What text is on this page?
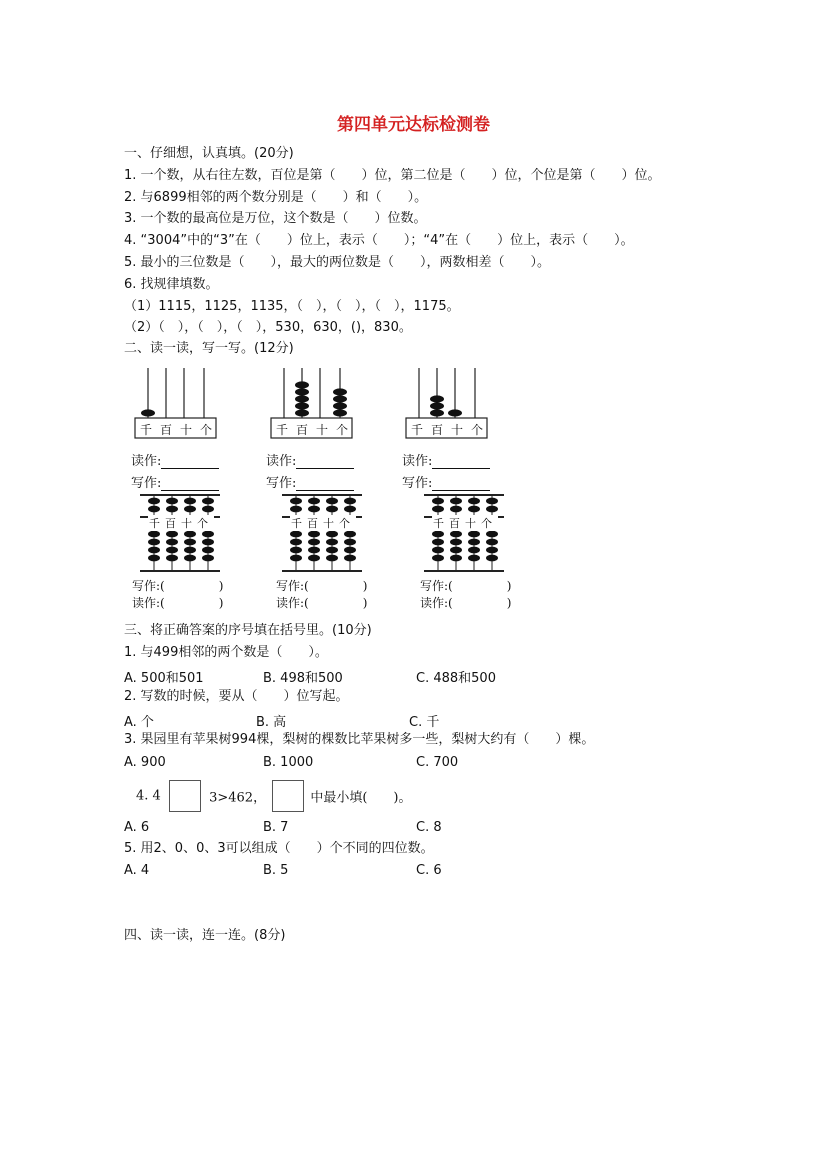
第四单元达标检测卷
一、仔细想，认真填。(20分)
1. 一个数，从右往左数，百位是第（　　）位，第二位是（　　）位，个位是第（　　）位。
2. 与6899相邻的两个数分别是（　　）和（　　）。
3. 一个数的最高位是万位，这个数是（　　）位数。
4. “3004”中的“3”在（　　）位上，表示（　　）；“4”在（　　）位上，表示（　　）。
5. 最小的三位数是（　　），最大的两位数是（　　），两数相差（　　）。
6. 找规律填数。
（1）1115，1125，1135，（　），（　），（　），1175。
（2）（　），（　），（　），530，630，()，830。
二、读一读，写一写。(12分)
千百十个	千百十个	千百十个
读作:
写作:
读作:
写作:
读作:
写作:
千百十个	千百十个	千百十个
写作:(	)
读作:(	)
写作:(	)
读作:(	)
写作:(	)
读作:(	)
三、将正确答案的序号填在括号里。(10分)
1. 与499相邻的两个数是（　　）。
A. 500和501	B. 498和500	C. 488和500
2. 写数的时候，要从（　　）位写起。
A. 个	B. 高	C. 千
3. 果园里有苹果树994棵，梨树的棵数比苹果树多一些，梨树大约有（　　）棵。
A. 900	B. 1000	C. 700
4. 4	3>462，	中最小填(　　)。
A. 6	B. 7	C. 8
5. 用2、0、0、3可以组成（　　）个不同的四位数。
A. 4	B. 5	C. 6
四、读一读，连一连。(8分)
